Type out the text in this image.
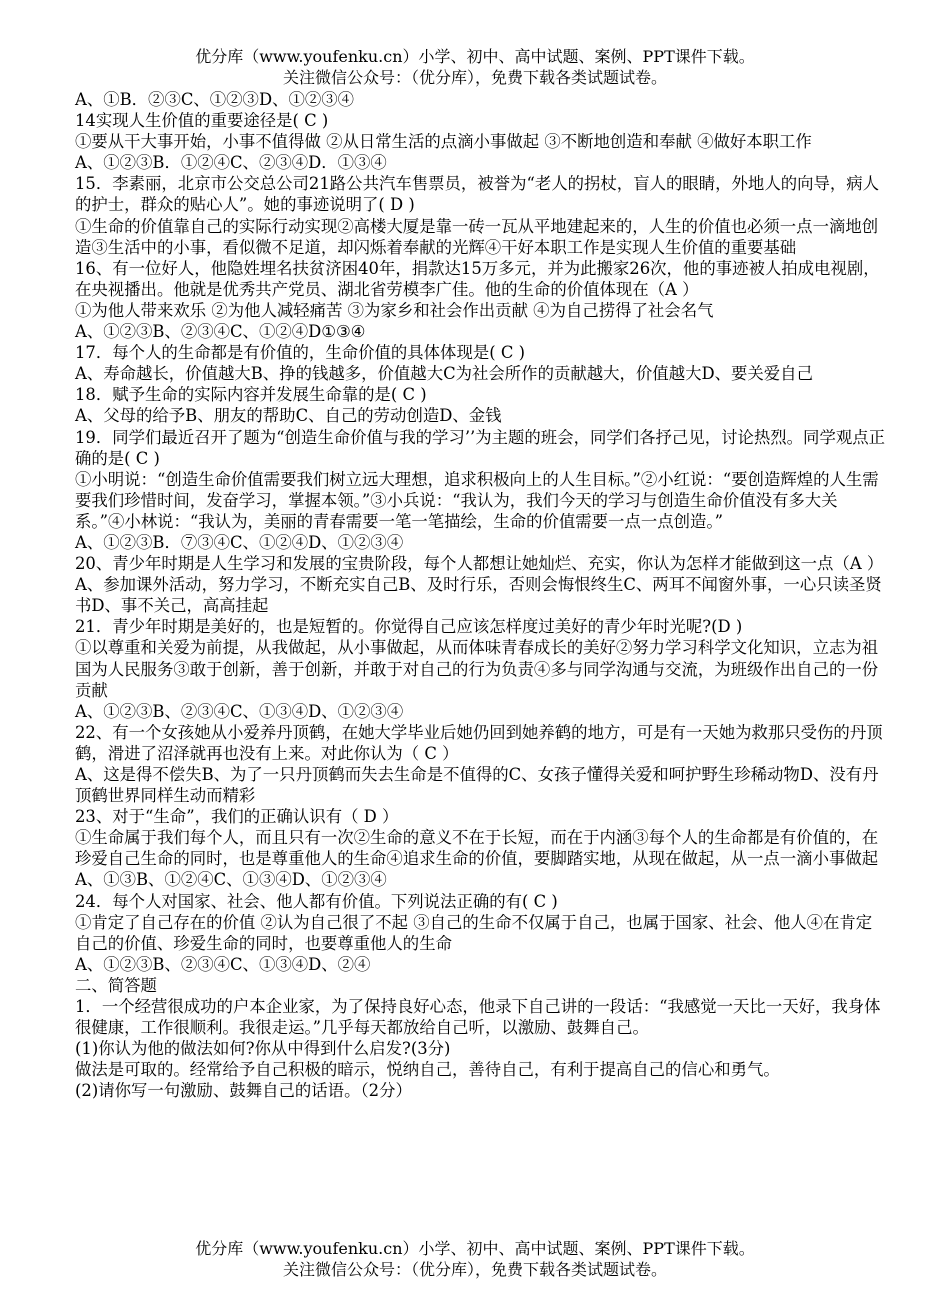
优分库（www.youfenku.cn）小学、初中、高中试题、案例、PPT课件下载。
关注微信公众号：（优分库），免费下载各类试题试卷。

A、①B．②③C、①②③D、①②③④

14实现人生价值的重要途径是( C )

①要从干大事开始，小事不值得做 ②从日常生活的点滴小事做起 ③不断地创造和奉献 ④做好本职工作

A、①②③B．①②④C、②③④D．①③④

15．李素丽，北京市公交总公司21路公共汽车售票员，被誉为“老人的拐杖，盲人的眼睛，外地人的向导，病人的护士，群众的贴心人”。她的事迹说明了( D )

①生命的价值靠自己的实际行动实现②高楼大厦是靠一砖一瓦从平地建起来的，人生的价值也必须一点一滴地创造③生活中的小事，看似微不足道，却闪烁着奉献的光辉④干好本职工作是实现人生价值的重要基础

16、有一位好人，他隐姓埋名扶贫济困40年，捐款达15万多元，并为此搬家26次，他的事迹被人拍成电视剧，在央视播出。他就是优秀共产党员、湖北省劳模李广佳。他的生命的价值体现在（A ）

①为他人带来欢乐 ②为他人减轻痛苦 ③为家乡和社会作出贡献 ④为自己捞得了社会名气

A、①②③B、②③④C、①②④D①③④

17．每个人的生命都是有价值的，生命价值的具体体现是( C )

A、寿命越长，价值越大B、挣的钱越多，价值越大C为社会所作的贡献越大，价值越大D、要关爱自己

18．赋予生命的实际内容并发展生命靠的是( C )

A、父母的给予B、朋友的帮助C、自己的劳动创造D、金钱

19．同学们最近召开了题为“创造生命价值与我的学习’’为主题的班会，同学们各抒己见，讨论热烈。同学观点正确的是( C )

①小明说：“创造生命价值需要我们树立远大理想，追求积极向上的人生目标。”②小红说：“要创造辉煌的人生需要我们珍惜时间，发奋学习，掌握本领。”③小兵说：“我认为，我们今天的学习与创造生命价值没有多大关系。”④小林说：“我认为，美丽的青春需要一笔一笔描绘，生命的价值需要一点一点创造。”

A、①②③B．⑦③④C、①②④D、①②③④

20、青少年时期是人生学习和发展的宝贵阶段，每个人都想让她灿烂、充实，你认为怎样才能做到这一点（A ）

A、参加课外活动，努力学习，不断充实自己B、及时行乐，否则会悔恨终生C、两耳不闻窗外事，一心只读圣贤书D、事不关己，高高挂起

21．青少年时期是美好的，也是短暂的。你觉得自己应该怎样度过美好的青少年时光呢?(D )

①以尊重和关爱为前提，从我做起，从小事做起，从而体味青春成长的美好②努力学习科学文化知识，立志为祖国为人民服务③敢于创新，善于创新，并敢于对自己的行为负责④多与同学沟通与交流，为班级作出自己的一份贡献

A、①②③B、②③④C、①③④D、①②③④

22、有一个女孩她从小爱养丹顶鹤，在她大学毕业后她仍回到她养鹤的地方，可是有一天她为救那只受伤的丹顶鹤，滑进了沼泽就再也没有上来。对此你认为（ C ）

A、这是得不偿失B、为了一只丹顶鹤而失去生命是不值得的C、女孩子懂得关爱和呵护野生珍稀动物D、没有丹顶鹤世界同样生动而精彩

23、对于“生命”，我们的正确认识有（ D ）

①生命属于我们每个人，而且只有一次②生命的意义不在于长短，而在于内涵③每个人的生命都是有价值的，在珍爱自己生命的同时，也是尊重他人的生命④追求生命的价值，要脚踏实地，从现在做起，从一点一滴小事做起

A、①③B、①②④C、①③④D、①②③④

24．每个人对国家、社会、他人都有价值。下列说法正确的有( C )

①肯定了自己存在的价值 ②认为自己很了不起 ③自己的生命不仅属于自己，也属于国家、社会、他人④在肯定自己的价值、珍爱生命的同时，也要尊重他人的生命

A、①②③B、②③④C、①③④D、②④

二、简答题

1．一个经营很成功的户本企业家，为了保持良好心态，他录下自己讲的一段话：“我感觉一天比一天好，我身体很健康，工作很顺利。我很走运。”几乎每天都放给自己听，以激励、鼓舞自己。

(1)你认为他的做法如何?你从中得到什么启发?(3分)

做法是可取的。经常给予自己积极的暗示，悦纳自己，善待自己，有利于提高自己的信心和勇气。

(2)请你写一句激励、鼓舞自己的话语。（2分）

优分库（www.youfenku.cn）小学、初中、高中试题、案例、PPT课件下载。
关注微信公众号：（优分库），免费下载各类试题试卷。
